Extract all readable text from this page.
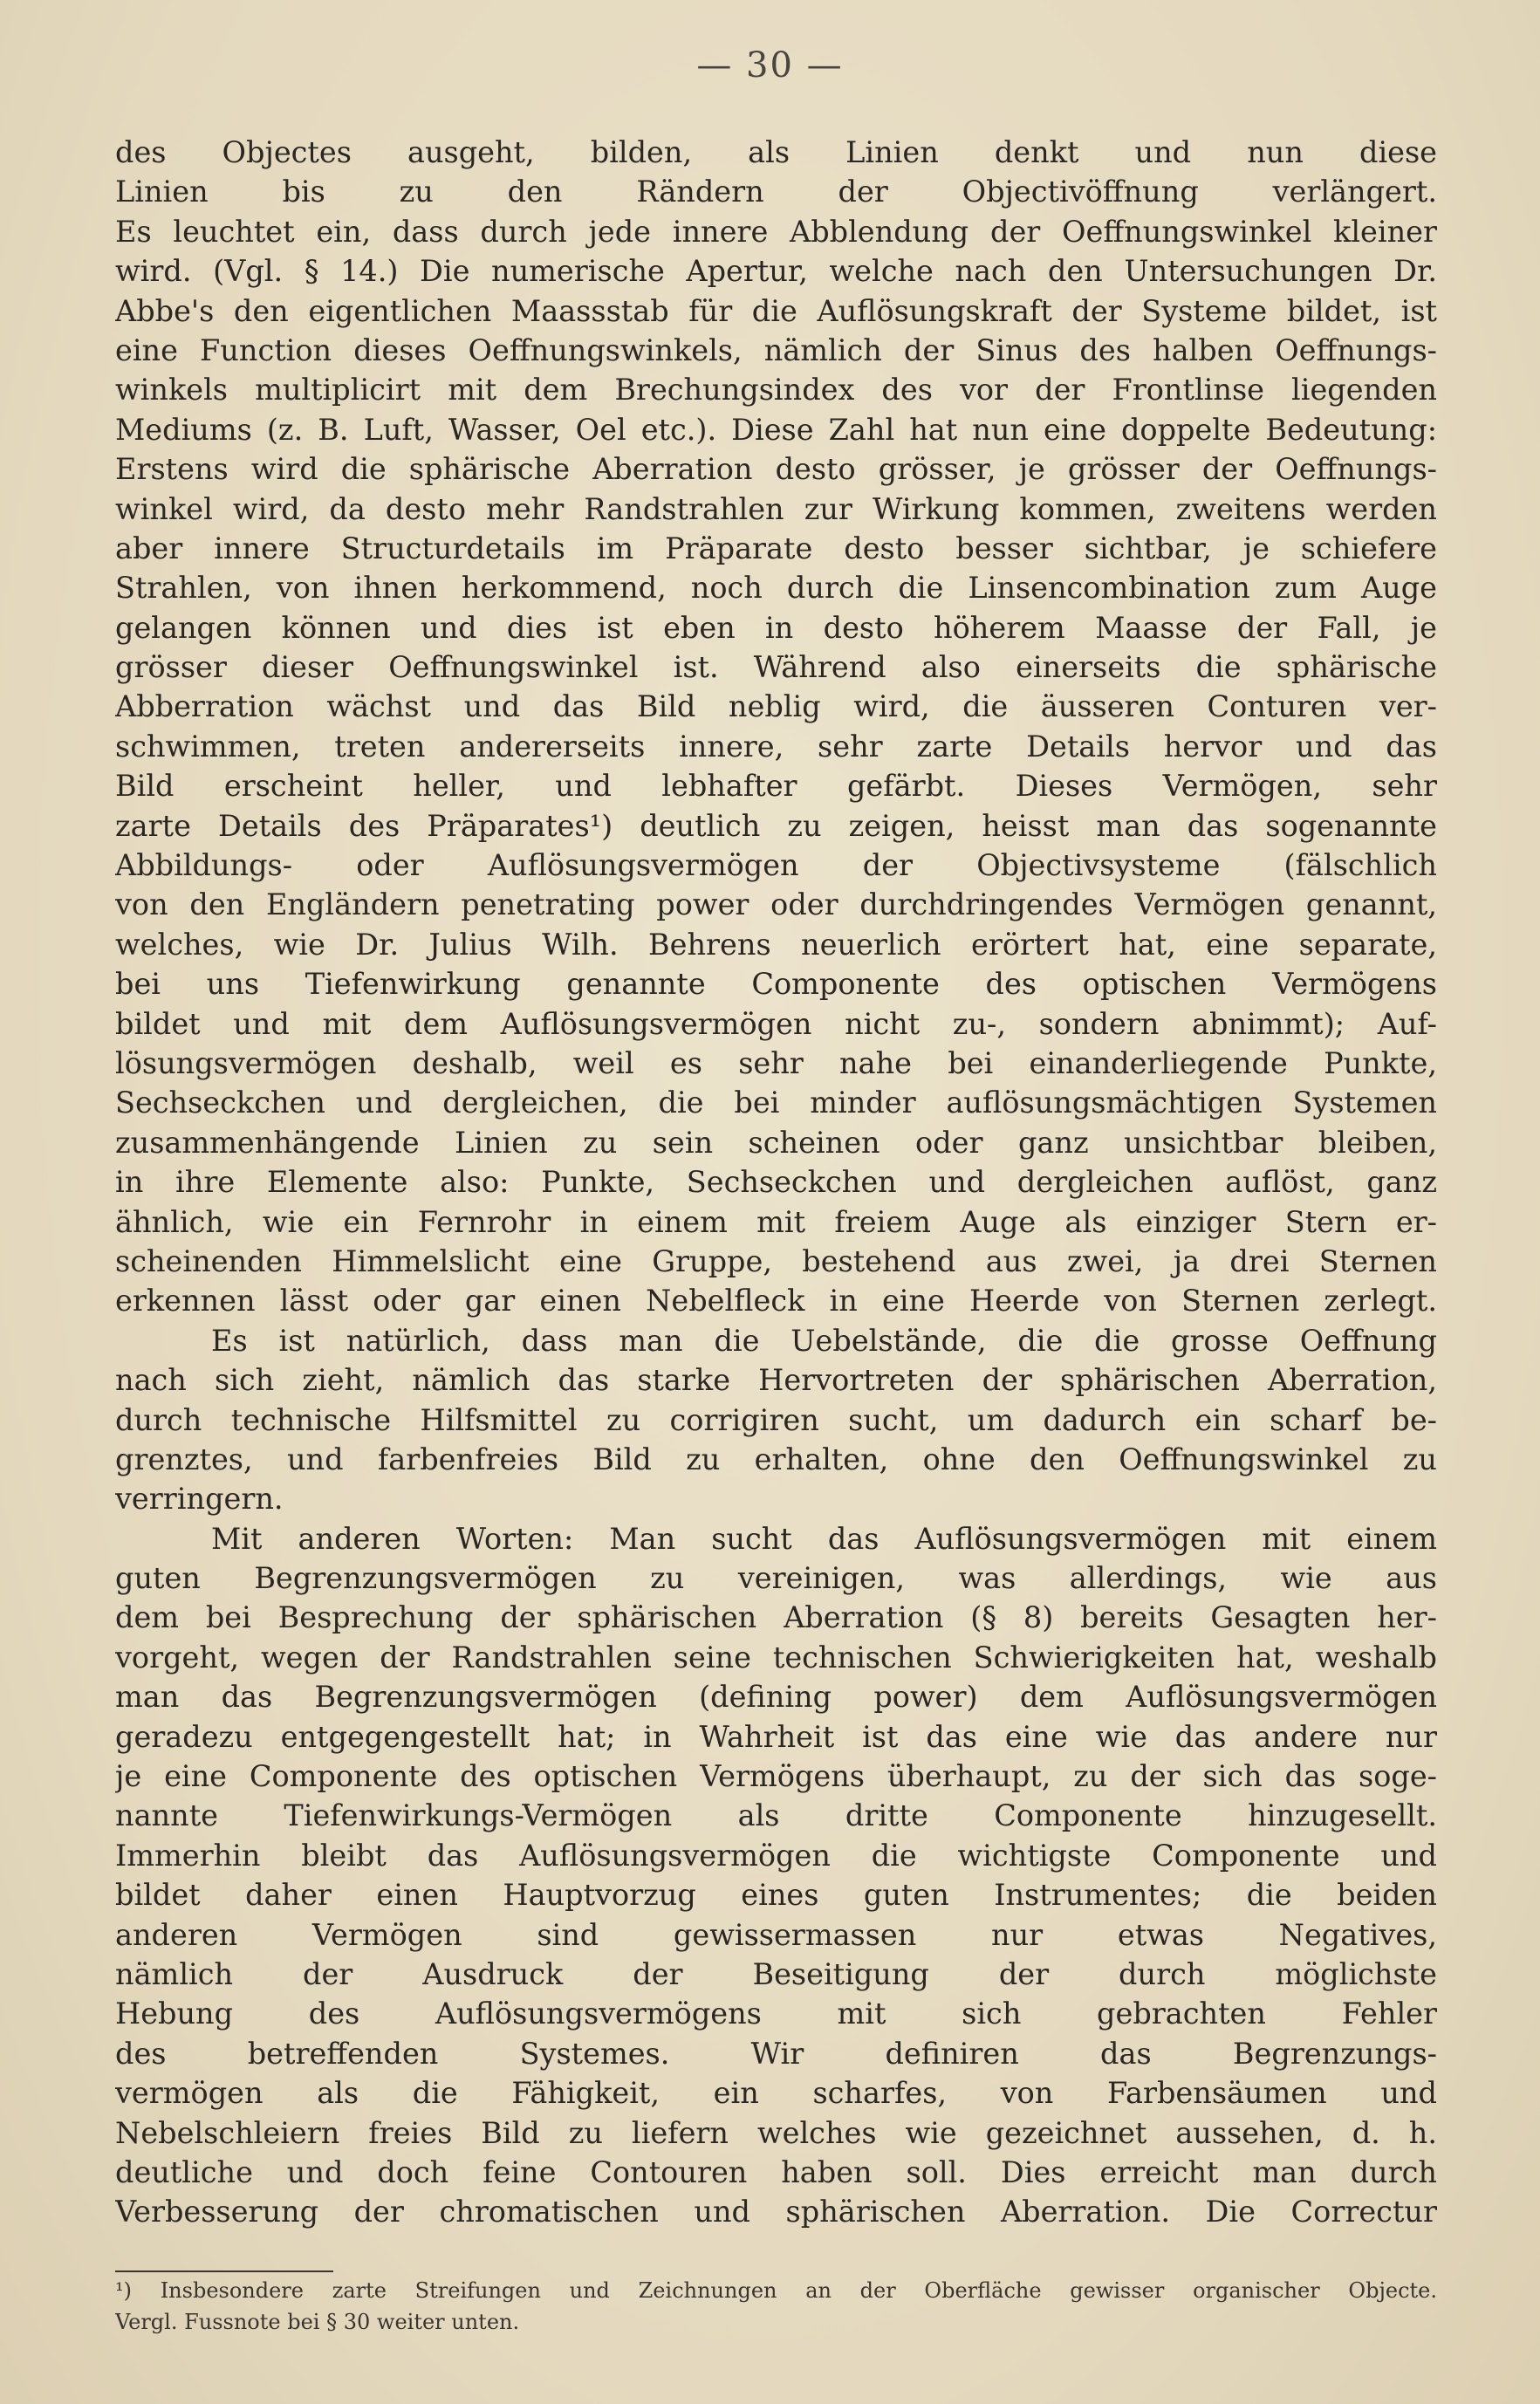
— 30 —
des Objectes ausgeht, bilden, als Linien denkt und nun diese
Linien bis zu den Rändern der Objectivöffnung verlängert.
Es leuchtet ein, dass durch jede innere Abblendung der Oeffnungswinkel kleiner
wird. (Vgl. § 14.) Die numerische Apertur, welche nach den Untersuchungen Dr.
Abbe's den eigentlichen Maassstab für die Auflösungskraft der Systeme bildet, ist
eine Function dieses Oeffnungswinkels, nämlich der Sinus des halben Oeffnungs-
winkels multiplicirt mit dem Brechungsindex des vor der Frontlinse liegenden
Mediums (z. B. Luft, Wasser, Oel etc.). Diese Zahl hat nun eine doppelte Bedeutung:
Erstens wird die sphärische Aberration desto grösser, je grösser der Oeffnungs-
winkel wird, da desto mehr Randstrahlen zur Wirkung kommen, zweitens werden
aber innere Structurdetails im Präparate desto besser sichtbar, je schiefere
Strahlen, von ihnen herkommend, noch durch die Linsencombination zum Auge
gelangen können und dies ist eben in desto höherem Maasse der Fall, je
grösser dieser Oeffnungswinkel ist. Während also einerseits die sphärische
Abberration wächst und das Bild neblig wird, die äusseren Conturen ver-
schwimmen, treten andererseits innere, sehr zarte Details hervor und das
Bild erscheint heller, und lebhafter gefärbt. Dieses Vermögen, sehr
zarte Details des Präparates¹) deutlich zu zeigen, heisst man das sogenannte
Abbildungs- oder Auflösungsvermögen der Objectivsysteme (fälschlich
von den Engländern penetrating power oder durchdringendes Vermögen genannt,
welches, wie Dr. Julius Wilh. Behrens neuerlich erörtert hat, eine separate,
bei uns Tiefenwirkung genannte Componente des optischen Vermögens
bildet und mit dem Auflösungsvermögen nicht zu-, sondern abnimmt); Auf-
lösungsvermögen deshalb, weil es sehr nahe bei einanderliegende Punkte,
Sechseckchen und dergleichen, die bei minder auflösungsmächtigen Systemen
zusammenhängende Linien zu sein scheinen oder ganz unsichtbar bleiben,
in ihre Elemente also: Punkte, Sechseckchen und dergleichen auflöst, ganz
ähnlich, wie ein Fernrohr in einem mit freiem Auge als einziger Stern er-
scheinenden Himmelslicht eine Gruppe, bestehend aus zwei, ja drei Sternen
erkennen lässt oder gar einen Nebelfleck in eine Heerde von Sternen zerlegt.
Es ist natürlich, dass man die Uebelstände, die die grosse Oeffnung
nach sich zieht, nämlich das starke Hervortreten der sphärischen Aberration,
durch technische Hilfsmittel zu corrigiren sucht, um dadurch ein scharf be-
grenztes, und farbenfreies Bild zu erhalten, ohne den Oeffnungswinkel zu
verringern.
Mit anderen Worten: Man sucht das Auflösungsvermögen mit einem
guten Begrenzungsvermögen zu vereinigen, was allerdings, wie aus
dem bei Besprechung der sphärischen Aberration (§ 8) bereits Gesagten her-
vorgeht, wegen der Randstrahlen seine technischen Schwierigkeiten hat, weshalb
man das Begrenzungsvermögen (defining power) dem Auflösungsvermögen
geradezu entgegengestellt hat; in Wahrheit ist das eine wie das andere nur
je eine Componente des optischen Vermögens überhaupt, zu der sich das soge-
nannte Tiefenwirkungs-Vermögen als dritte Componente hinzugesellt.
Immerhin bleibt das Auflösungsvermögen die wichtigste Componente und
bildet daher einen Hauptvorzug eines guten Instrumentes; die beiden
anderen Vermögen sind gewissermassen nur etwas Negatives,
nämlich der Ausdruck der Beseitigung der durch möglichste
Hebung des Auflösungsvermögens mit sich gebrachten Fehler
des betreffenden Systemes. Wir definiren das Begrenzungs-
vermögen als die Fähigkeit, ein scharfes, von Farbensäumen und
Nebelschleiern freies Bild zu liefern welches wie gezeichnet aussehen, d. h.
deutliche und doch feine Contouren haben soll. Dies erreicht man durch
Verbesserung der chromatischen und sphärischen Aberration. Die Correctur
¹) Insbesondere zarte Streifungen und Zeichnungen an der Oberfläche gewisser organischer Objecte.
Vergl. Fussnote bei § 30 weiter unten.
